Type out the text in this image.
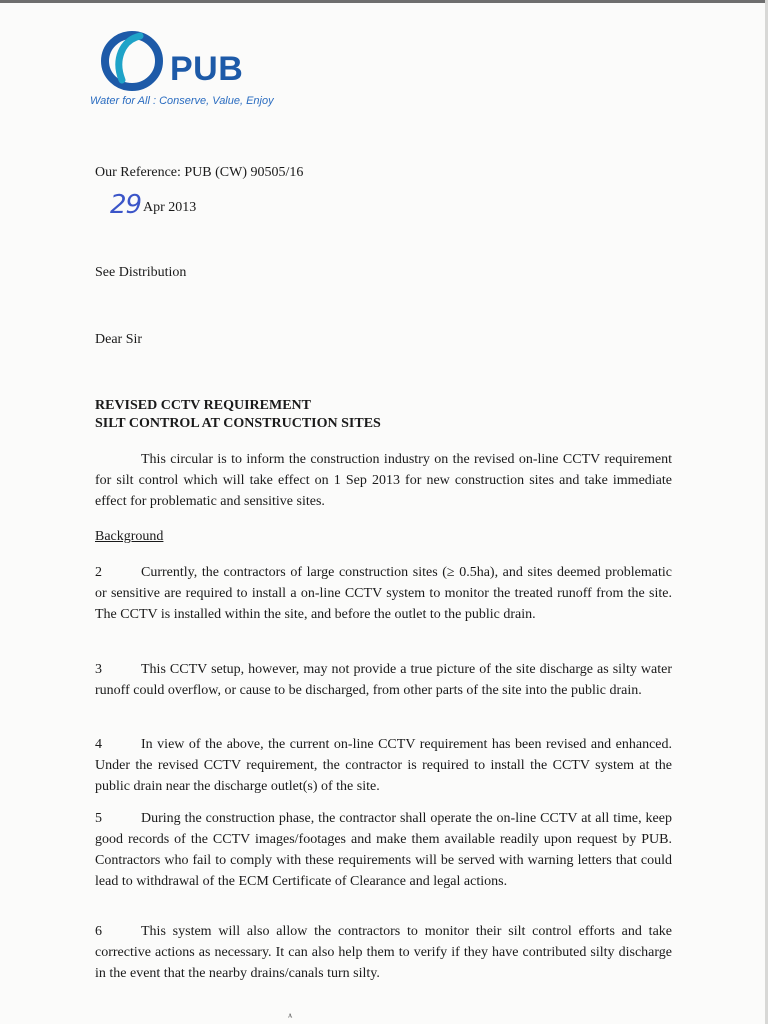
PUB
Water for All : Conserve, Value, Enjoy
Our Reference: PUB (CW) 90505/16
29 Apr 2013
See Distribution
Dear Sir
REVISED CCTV REQUIREMENT
SILT CONTROL AT CONSTRUCTION SITES
This circular is to inform the construction industry on the revised on-line CCTV requirement for silt control which will take effect on 1 Sep 2013 for new construction sites and take immediate effect for problematic and sensitive sites.
Background
2	Currently, the contractors of large construction sites (≥ 0.5ha), and sites deemed problematic or sensitive are required to install a on-line CCTV system to monitor the treated runoff from the site. The CCTV is installed within the site, and before the outlet to the public drain.
3	This CCTV setup, however, may not provide a true picture of the site discharge as silty water runoff could overflow, or cause to be discharged, from other parts of the site into the public drain.
4	In view of the above, the current on-line CCTV requirement has been revised and enhanced. Under the revised CCTV requirement, the contractor is required to install the CCTV system at the public drain near the discharge outlet(s) of the site.
5	During the construction phase, the contractor shall operate the on-line CCTV at all time, keep good records of the CCTV images/footages and make them available readily upon request by PUB. Contractors who fail to comply with these requirements will be served with warning letters that could lead to withdrawal of the ECM Certificate of Clearance and legal actions.
6	This system will also allow the contractors to monitor their silt control efforts and take corrective actions as necessary. It can also help them to verify if they have contributed silty discharge in the event that the nearby drains/canals turn silty.
ᴬ
